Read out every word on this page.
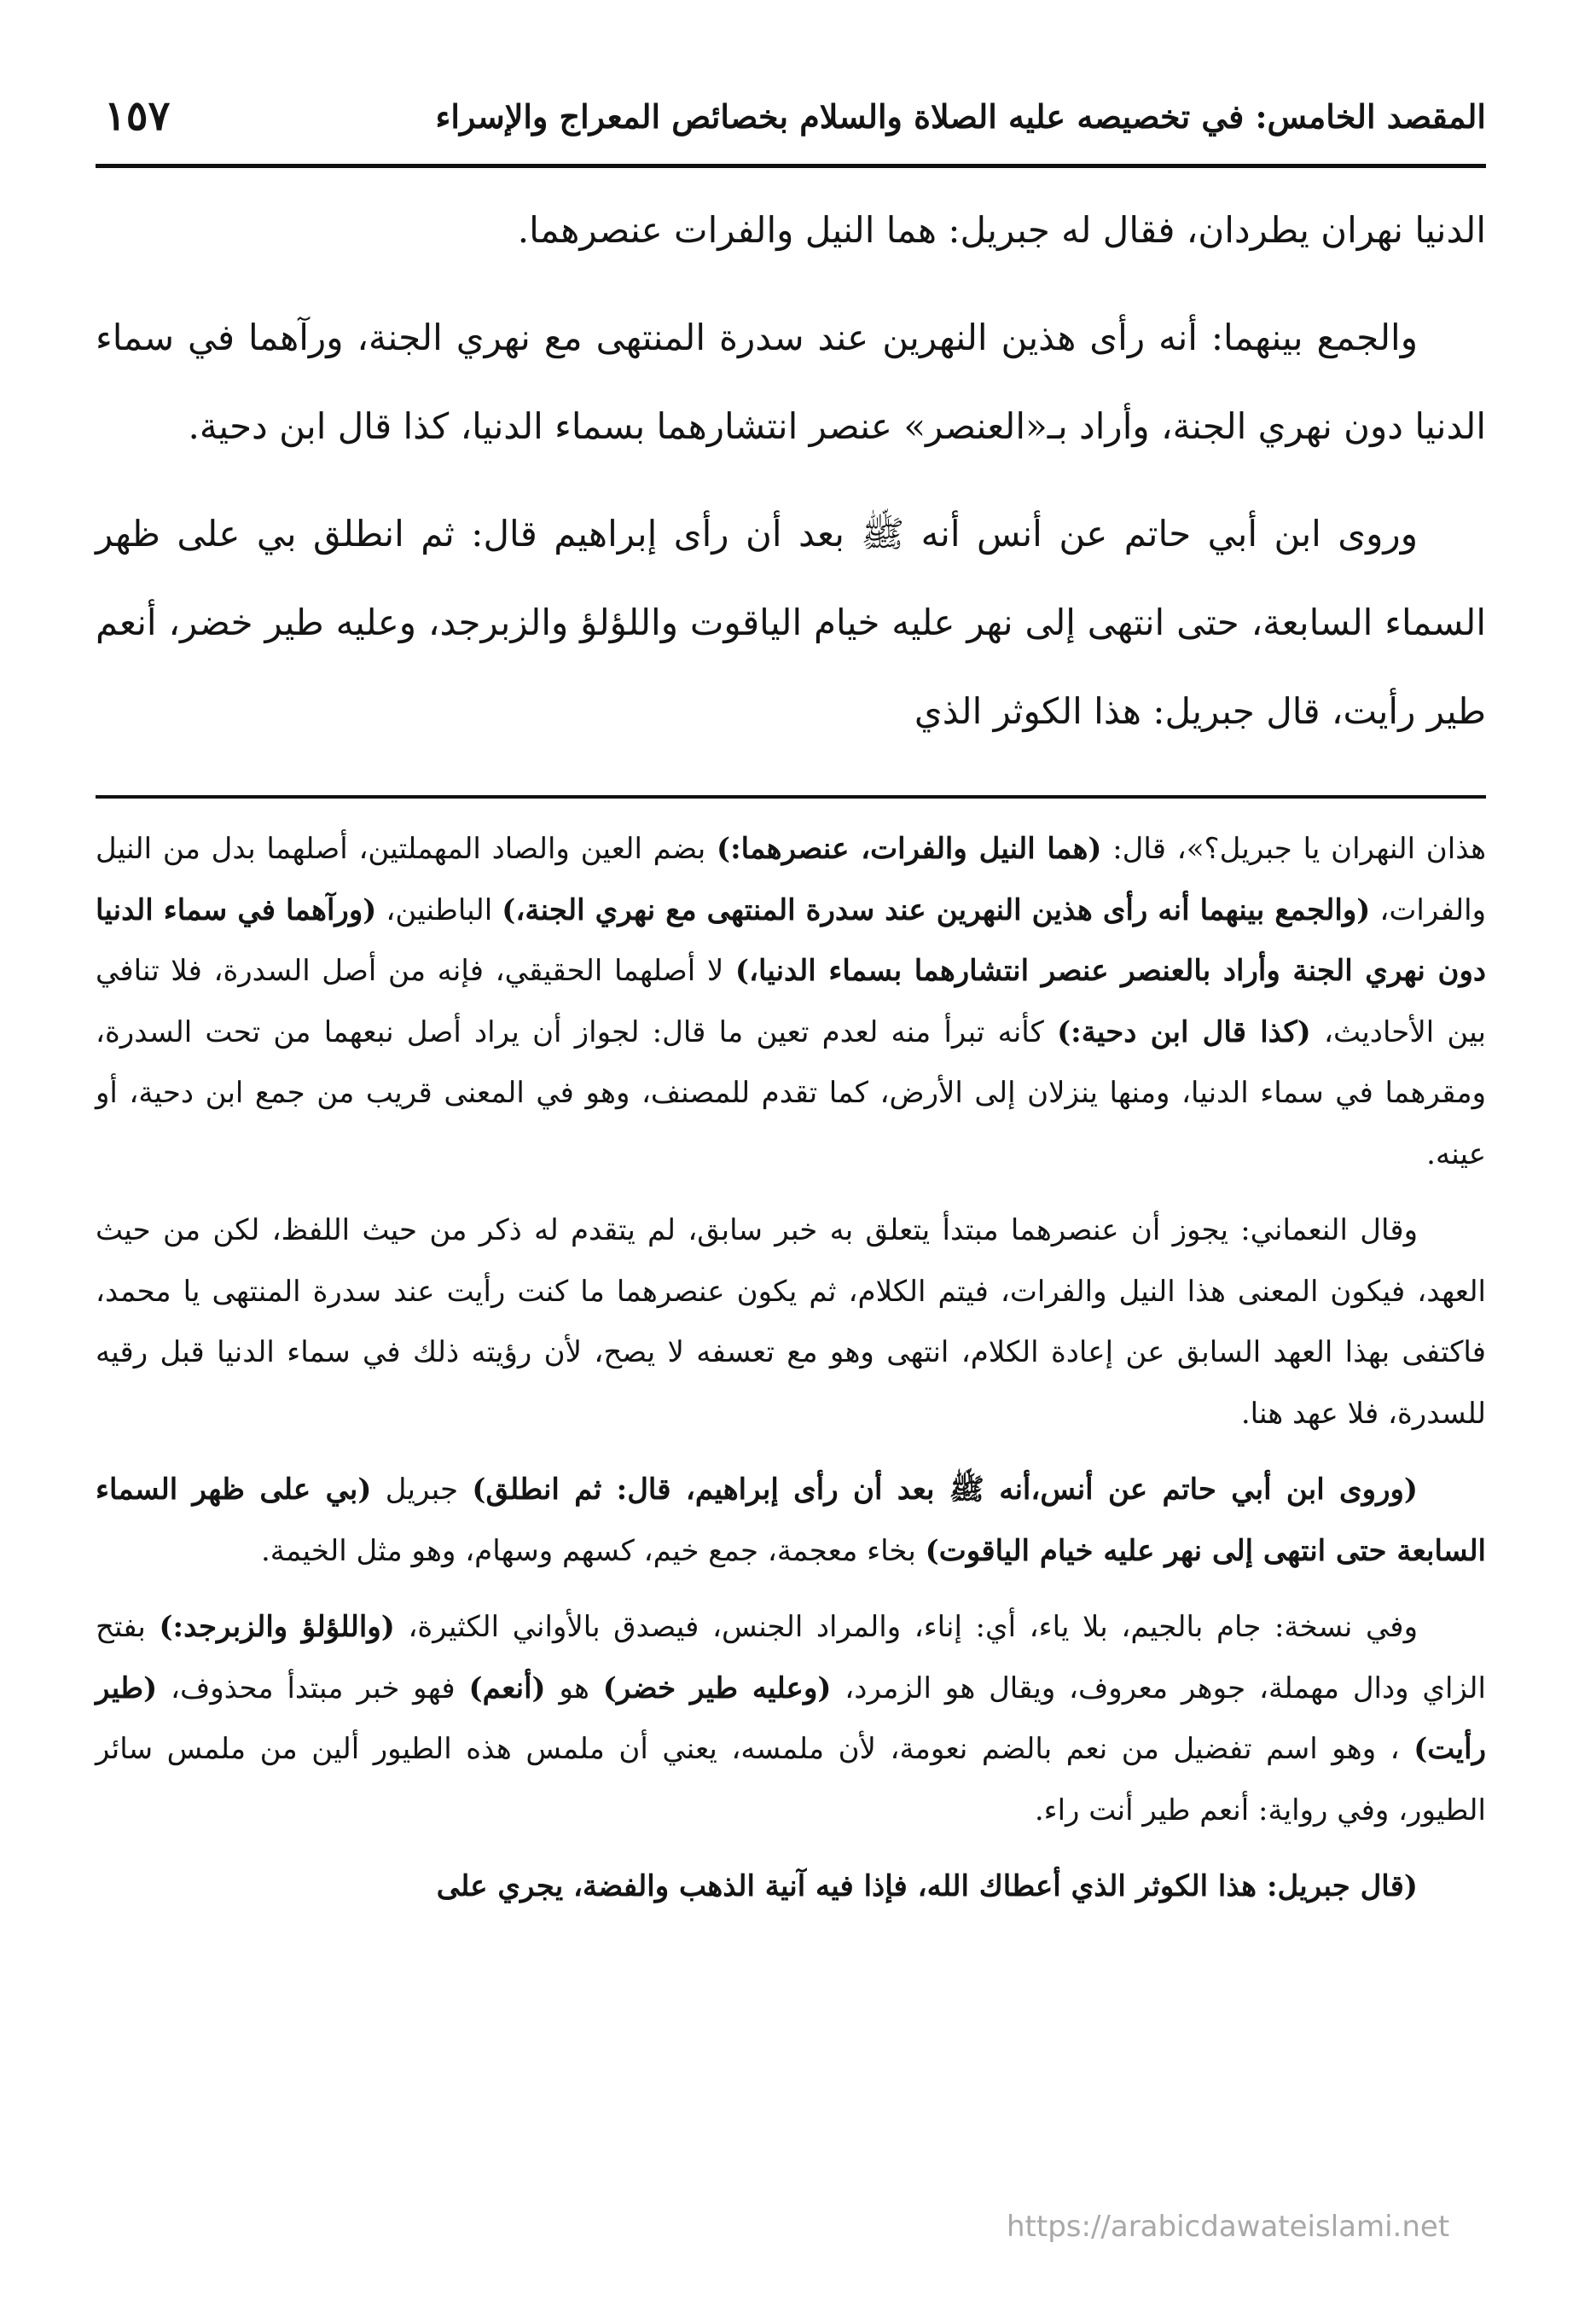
المقصد الخامس: في تخصيصه عليه الصلاة والسلام بخصائص المعراج والإسراء
١٥٧

الدنيا نهران يطردان، فقال له جبريل: هما النيل والفرات عنصرهما.

والجمع بينهما: أنه رأى هذين النهرين عند سدرة المنتهى مع نهري الجنة، ورآهما في سماء الدنيا دون نهري الجنة، وأراد بـ«العنصر» عنصر انتشارهما بسماء الدنيا، كذا قال ابن دحية.

وروى ابن أبي حاتم عن أنس أنه ﷺ بعد أن رأى إبراهيم قال: ثم انطلق بي على ظهر السماء السابعة، حتى انتهى إلى نهر عليه خيام الياقوت واللؤلؤ والزبرجد، وعليه طير خضر، أنعم طير رأيت، قال جبريل: هذا الكوثر الذي

هذان النهران يا جبريل؟»، قال: (هما النيل والفرات، عنصرهما:) بضم العين والصاد المهملتين، أصلهما بدل من النيل والفرات، (والجمع بينهما أنه رأى هذين النهرين عند سدرة المنتهى مع نهري الجنة،) الباطنين، (ورآهما في سماء الدنيا دون نهري الجنة وأراد بالعنصر عنصر انتشارهما بسماء الدنيا،) لا أصلهما الحقيقي، فإنه من أصل السدرة، فلا تنافي بين الأحاديث، (كذا قال ابن دحية:) كأنه تبرأ منه لعدم تعين ما قال: لجواز أن يراد أصل نبعهما من تحت السدرة، ومقرهما في سماء الدنيا، ومنها ينزلان إلى الأرض، كما تقدم للمصنف، وهو في المعنى قريب من جمع ابن دحية، أو عينه.

وقال النعماني: يجوز أن عنصرهما مبتدأ يتعلق به خبر سابق، لم يتقدم له ذكر من حيث اللفظ، لكن من حيث العهد، فيكون المعنى هذا النيل والفرات، فيتم الكلام، ثم يكون عنصرهما ما كنت رأيت عند سدرة المنتهى يا محمد، فاكتفى بهذا العهد السابق عن إعادة الكلام، انتهى وهو مع تعسفه لا يصح، لأن رؤيته ذلك في سماء الدنيا قبل رقيه للسدرة، فلا عهد هنا.

(وروى ابن أبي حاتم عن أنس،أنه ﷺ بعد أن رأى إبراهيم، قال: ثم انطلق) جبريل (بي على ظهر السماء السابعة حتى انتهى إلى نهر عليه خيام الياقوت) بخاء معجمة، جمع خيم، كسهم وسهام، وهو مثل الخيمة.

وفي نسخة: جام بالجيم، بلا ياء، أي: إناء، والمراد الجنس، فيصدق بالأواني الكثيرة، (واللؤلؤ والزبرجد:) بفتح الزاي ودال مهملة، جوهر معروف، ويقال هو الزمرد، (وعليه طير خضر) هو (أنعم) فهو خبر مبتدأ محذوف، (طير رأيت) ، وهو اسم تفضيل من نعم بالضم نعومة، لأن ملمسه، يعني أن ملمس هذه الطيور ألين من ملمس سائر الطيور، وفي رواية: أنعم طير أنت راء.

(قال جبريل: هذا الكوثر الذي أعطاك الله، فإذا فيه آنية الذهب والفضة، يجري على

https://arabicdawateislami.net
